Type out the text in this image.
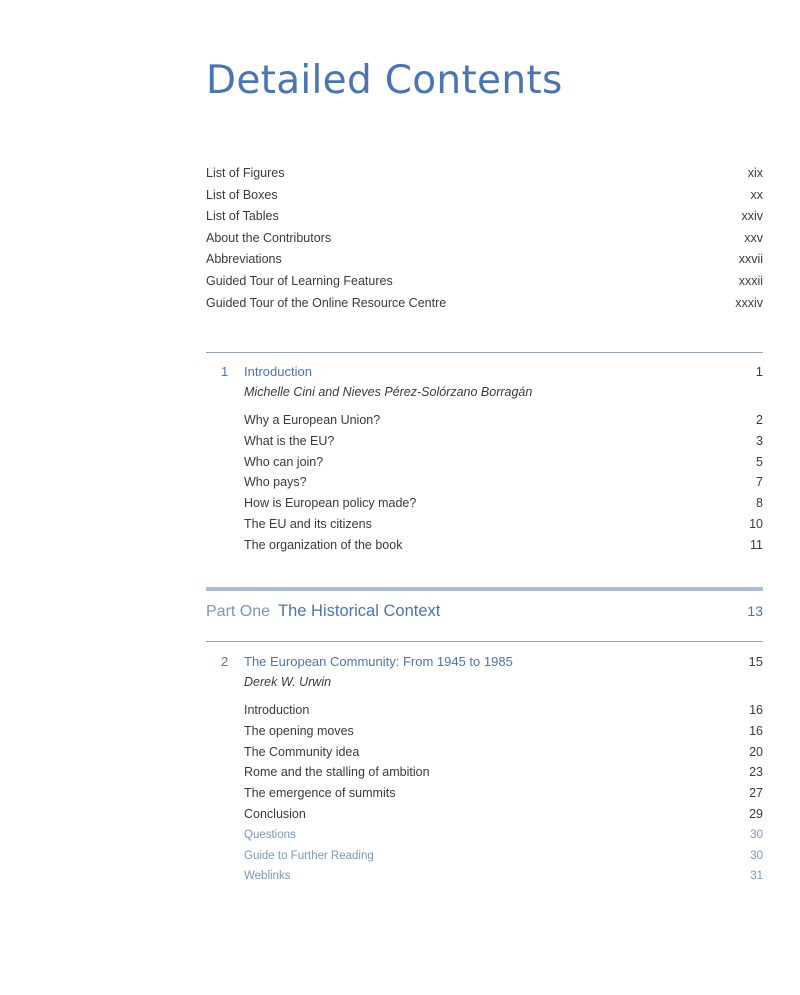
Detailed Contents
List of Figures	xix
List of Boxes	xx
List of Tables	xxiv
About the Contributors	xxv
Abbreviations	xxvii
Guided Tour of Learning Features	xxxii
Guided Tour of the Online Resource Centre	xxxiv
1	Introduction	1
Michelle Cini and Nieves Pérez-Solórzano Borragán
Why a European Union?	2
What is the EU?	3
Who can join?	5
Who pays?	7
How is European policy made?	8
The EU and its citizens	10
The organization of the book	11
Part One The Historical Context	13
2	The European Community: From 1945 to 1985	15
Derek W. Urwin
Introduction	16
The opening moves	16
The Community idea	20
Rome and the stalling of ambition	23
The emergence of summits	27
Conclusion	29
Questions	30
Guide to Further Reading	30
Weblinks	31
